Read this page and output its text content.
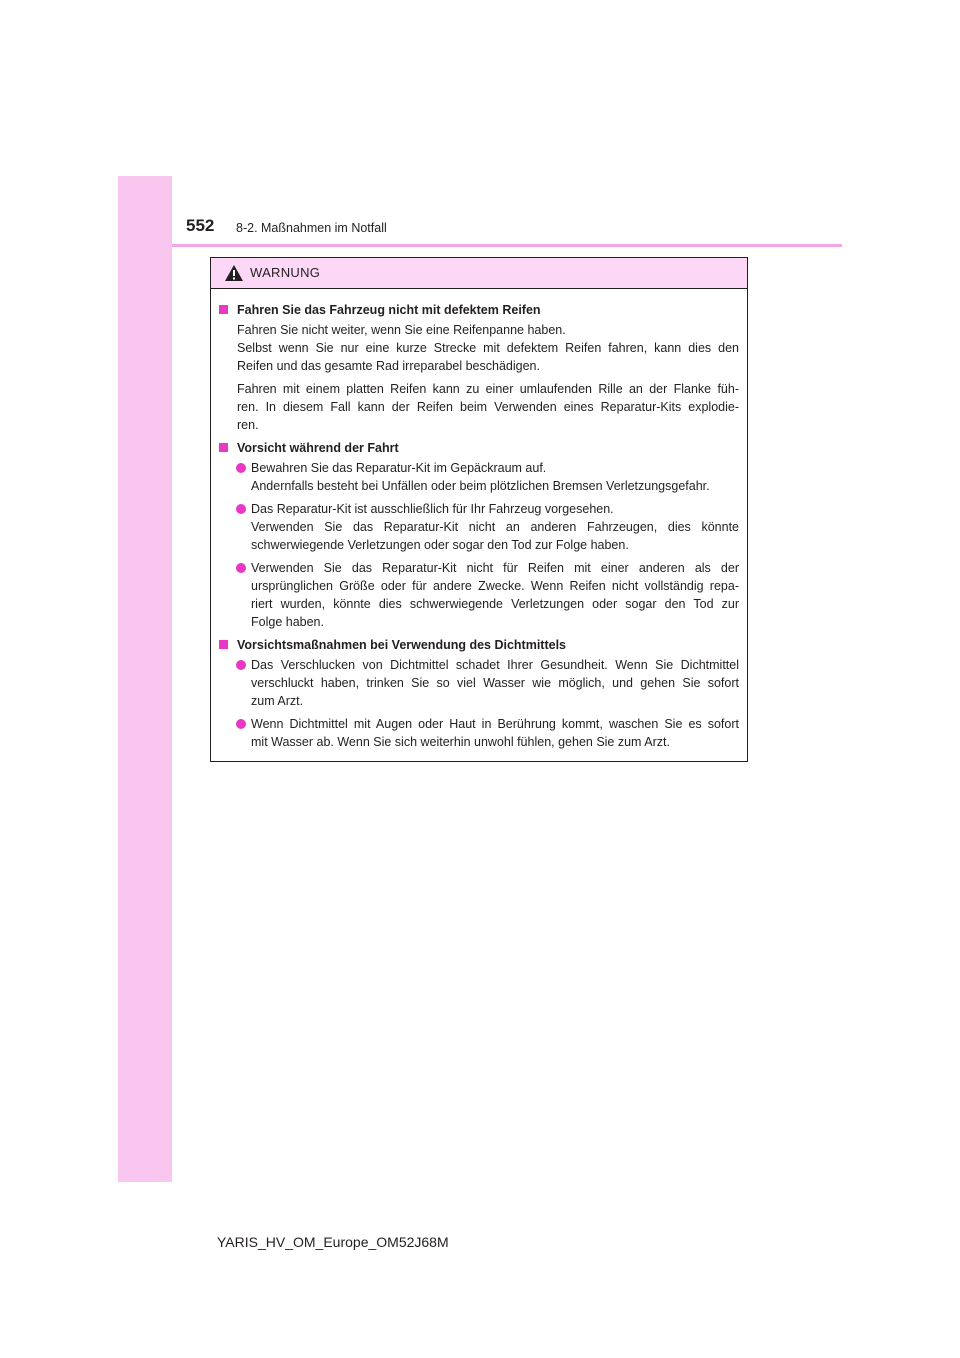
552 8-2. Maßnahmen im Notfall
WARNUNG
Fahren Sie das Fahrzeug nicht mit defektem Reifen
Fahren Sie nicht weiter, wenn Sie eine Reifenpanne haben.
Selbst wenn Sie nur eine kurze Strecke mit defektem Reifen fahren, kann dies den
Reifen und das gesamte Rad irreparabel beschädigen.
Fahren mit einem platten Reifen kann zu einer umlaufenden Rille an der Flanke füh-
ren. In diesem Fall kann der Reifen beim Verwenden eines Reparatur-Kits explodie-
ren.
Vorsicht während der Fahrt
Bewahren Sie das Reparatur-Kit im Gepäckraum auf.
Andernfalls besteht bei Unfällen oder beim plötzlichen Bremsen Verletzungsgefahr.
Das Reparatur-Kit ist ausschließlich für Ihr Fahrzeug vorgesehen.
Verwenden Sie das Reparatur-Kit nicht an anderen Fahrzeugen, dies könnte
schwerwiegende Verletzungen oder sogar den Tod zur Folge haben.
Verwenden Sie das Reparatur-Kit nicht für Reifen mit einer anderen als der
ursprünglichen Größe oder für andere Zwecke. Wenn Reifen nicht vollständig repa-
riert wurden, könnte dies schwerwiegende Verletzungen oder sogar den Tod zur
Folge haben.
Vorsichtsmaßnahmen bei Verwendung des Dichtmittels
Das Verschlucken von Dichtmittel schadet Ihrer Gesundheit. Wenn Sie Dichtmittel
verschluckt haben, trinken Sie so viel Wasser wie möglich, und gehen Sie sofort
zum Arzt.
Wenn Dichtmittel mit Augen oder Haut in Berührung kommt, waschen Sie es sofort
mit Wasser ab. Wenn Sie sich weiterhin unwohl fühlen, gehen Sie zum Arzt.
YARIS_HV_OM_Europe_OM52J68M
